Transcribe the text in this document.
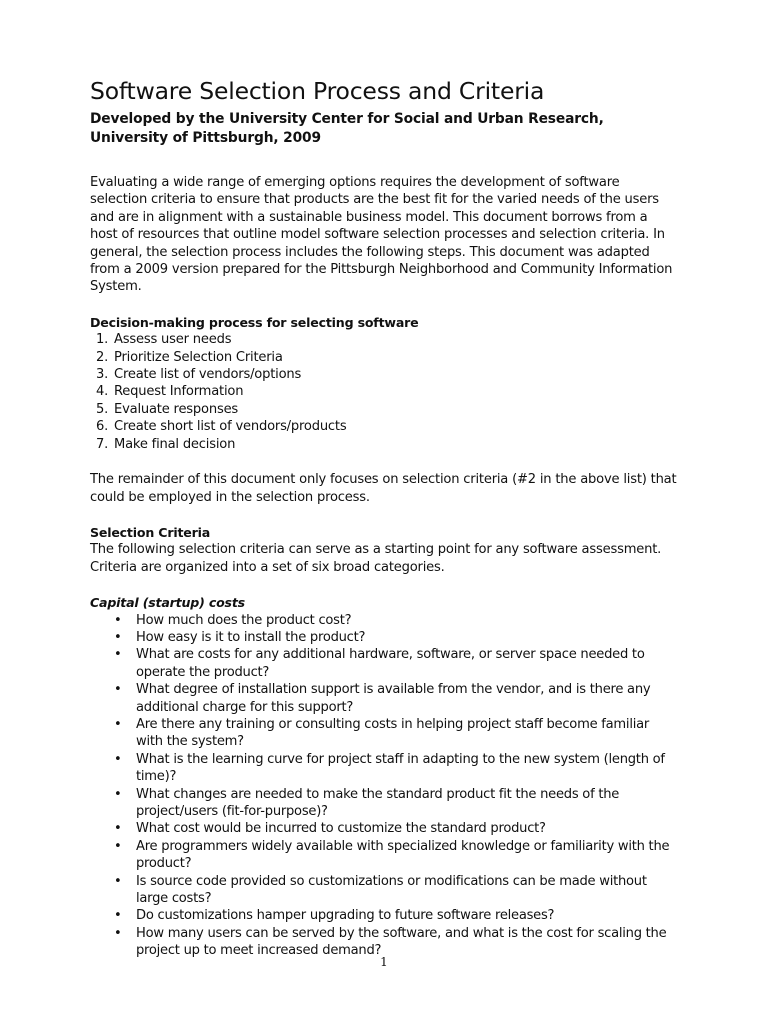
Software Selection Process and Criteria
Developed by the University Center for Social and Urban Research, University of Pittsburgh, 2009

Evaluating a wide range of emerging options requires the development of software selection criteria to ensure that products are the best fit for the varied needs of the users and are in alignment with a sustainable business model. This document borrows from a host of resources that outline model software selection processes and selection criteria. In general, the selection process includes the following steps. This document was adapted from a 2009 version prepared for the Pittsburgh Neighborhood and Community Information System.

Decision-making process for selecting software
1. Assess user needs
2. Prioritize Selection Criteria
3. Create list of vendors/options
4. Request Information
5. Evaluate responses
6. Create short list of vendors/products
7. Make final decision

The remainder of this document only focuses on selection criteria (#2 in the above list) that could be employed in the selection process.

Selection Criteria

The following selection criteria can serve as a starting point for any software assessment. Criteria are organized into a set of six broad categories.

Capital (startup) costs
• How much does the product cost?
• How easy is it to install the product?
• What are costs for any additional hardware, software, or server space needed to operate the product?
• What degree of installation support is available from the vendor, and is there any additional charge for this support?
• Are there any training or consulting costs in helping project staff become familiar with the system?
• What is the learning curve for project staff in adapting to the new system (length of time)?
• What changes are needed to make the standard product fit the needs of the project/users (fit-for-purpose)?
• What cost would be incurred to customize the standard product?
• Are programmers widely available with specialized knowledge or familiarity with the product?
• Is source code provided so customizations or modifications can be made without large costs?
• Do customizations hamper upgrading to future software releases?
• How many users can be served by the software, and what is the cost for scaling the project up to meet increased demand?
1
